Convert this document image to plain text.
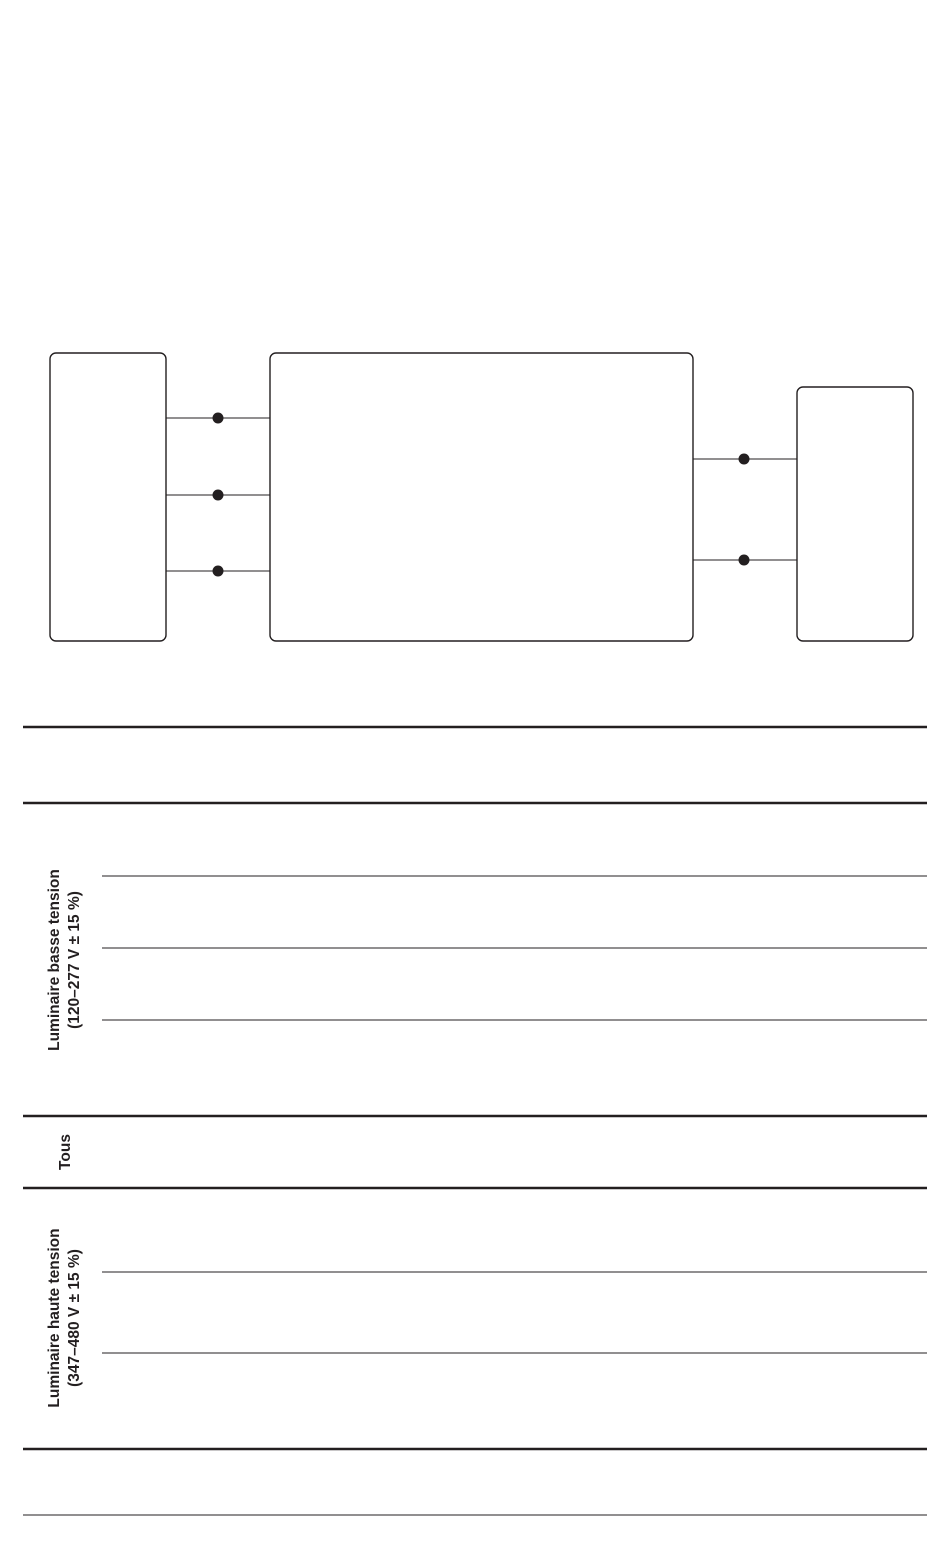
Luminaire basse tension (120–277 V ± 15 %)
Tous
Luminaire haute tension (347–480 V ± 15 %)
